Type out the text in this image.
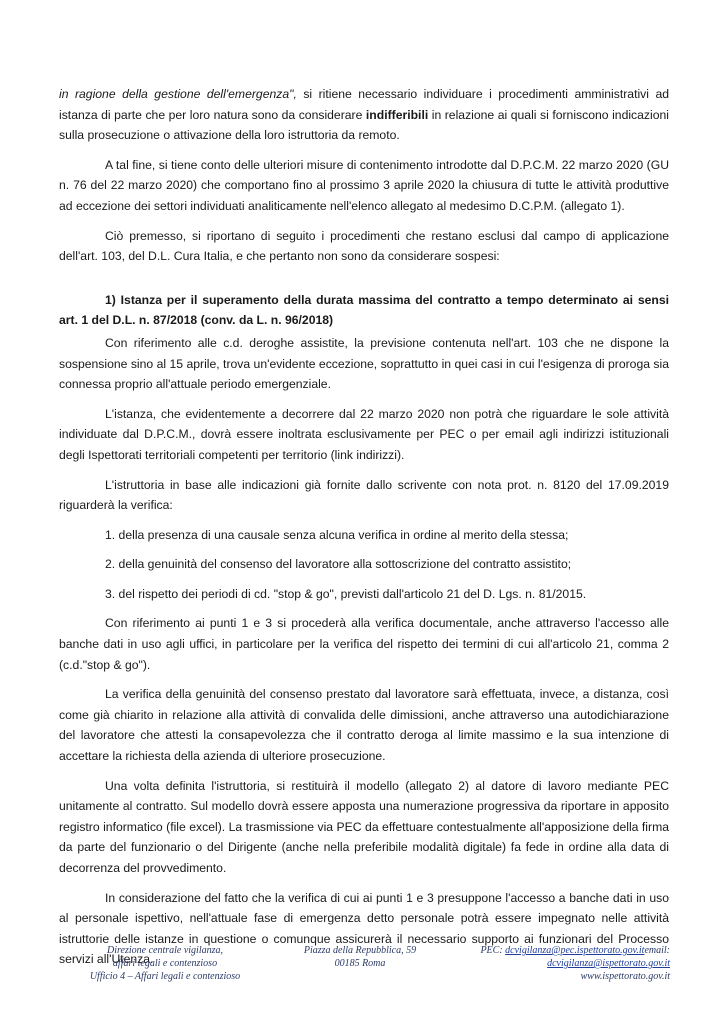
in ragione della gestione dell'emergenza", si ritiene necessario individuare i procedimenti amministrativi ad istanza di parte che per loro natura sono da considerare indifferibili in relazione ai quali si forniscono indicazioni sulla prosecuzione o attivazione della loro istruttoria da remoto.

A tal fine, si tiene conto delle ulteriori misure di contenimento introdotte dal D.P.C.M. 22 marzo 2020 (GU n. 76 del 22 marzo 2020) che comportano fino al prossimo 3 aprile 2020 la chiusura di tutte le attività produttive ad eccezione dei settori individuati analiticamente nell'elenco allegato al medesimo D.C.P.M. (allegato 1).

Ciò premesso, si riportano di seguito i procedimenti che restano esclusi dal campo di applicazione dell'art. 103, del D.L. Cura Italia, e che pertanto non sono da considerare sospesi:

1) Istanza per il superamento della durata massima del contratto a tempo determinato ai sensi art. 1 del D.L. n. 87/2018 (conv. da L. n. 96/2018)

Con riferimento alle c.d. deroghe assistite, la previsione contenuta nell'art. 103 che ne dispone la sospensione sino al 15 aprile, trova un'evidente eccezione, soprattutto in quei casi in cui l'esigenza di proroga sia connessa proprio all'attuale periodo emergenziale.

L'istanza, che evidentemente a decorrere dal 22 marzo 2020 non potrà che riguardare le sole attività individuate dal D.P.C.M., dovrà essere inoltrata esclusivamente per PEC o per email agli indirizzi istituzionali degli Ispettorati territoriali competenti per territorio (link indirizzi).

L'istruttoria in base alle indicazioni già fornite dallo scrivente con nota prot. n. 8120 del 17.09.2019 riguarderà la verifica:

1. della presenza di una causale senza alcuna verifica in ordine al merito della stessa;
2. della genuinità del consenso del lavoratore alla sottoscrizione del contratto assistito;
3. del rispetto dei periodi di cd. "stop & go", previsti dall'articolo 21 del D. Lgs. n. 81/2015.

Con riferimento ai punti 1 e 3 si procederà alla verifica documentale, anche attraverso l'accesso alle banche dati in uso agli uffici, in particolare per la verifica del rispetto dei termini di cui all'articolo 21, comma 2 (c.d."stop & go").

La verifica della genuinità del consenso prestato dal lavoratore sarà effettuata, invece, a distanza, così come già chiarito in relazione alla attività di convalida delle dimissioni, anche attraverso una autodichiarazione del lavoratore che attesti la consapevolezza che il contratto deroga al limite massimo e la sua intenzione di accettare la richiesta della azienda di ulteriore prosecuzione.

Una volta definita l'istruttoria, si restituirà il modello (allegato 2) al datore di lavoro mediante PEC unitamente al contratto. Sul modello dovrà essere apposta una numerazione progressiva da riportare in apposito registro informatico (file excel). La trasmissione via PEC da effettuare contestualmente all'apposizione della firma da parte del funzionario o del Dirigente (anche nella preferibile modalità digitale) fa fede in ordine alla data di decorrenza del provvedimento.

In considerazione del fatto che la verifica di cui ai punti 1 e 3 presuppone l'accesso a banche dati in uso al personale ispettivo, nell'attuale fase di emergenza detto personale potrà essere impegnato nelle attività istruttorie delle istanze in questione o comunque assicurerà il necessario supporto ai funzionari del Processo servizi all'Utenza.

Direzione centrale vigilanza,
affari legali e contenzioso
Ufficio 4 – Affari legali e contenzioso
Piazza della Repubblica, 59
00185 Roma
PEC: dcvigilanza@pec.ispettorato.gov.itemail:
dcvigilanza@ispettorato.gov.it
www.ispettorato.gov.it
